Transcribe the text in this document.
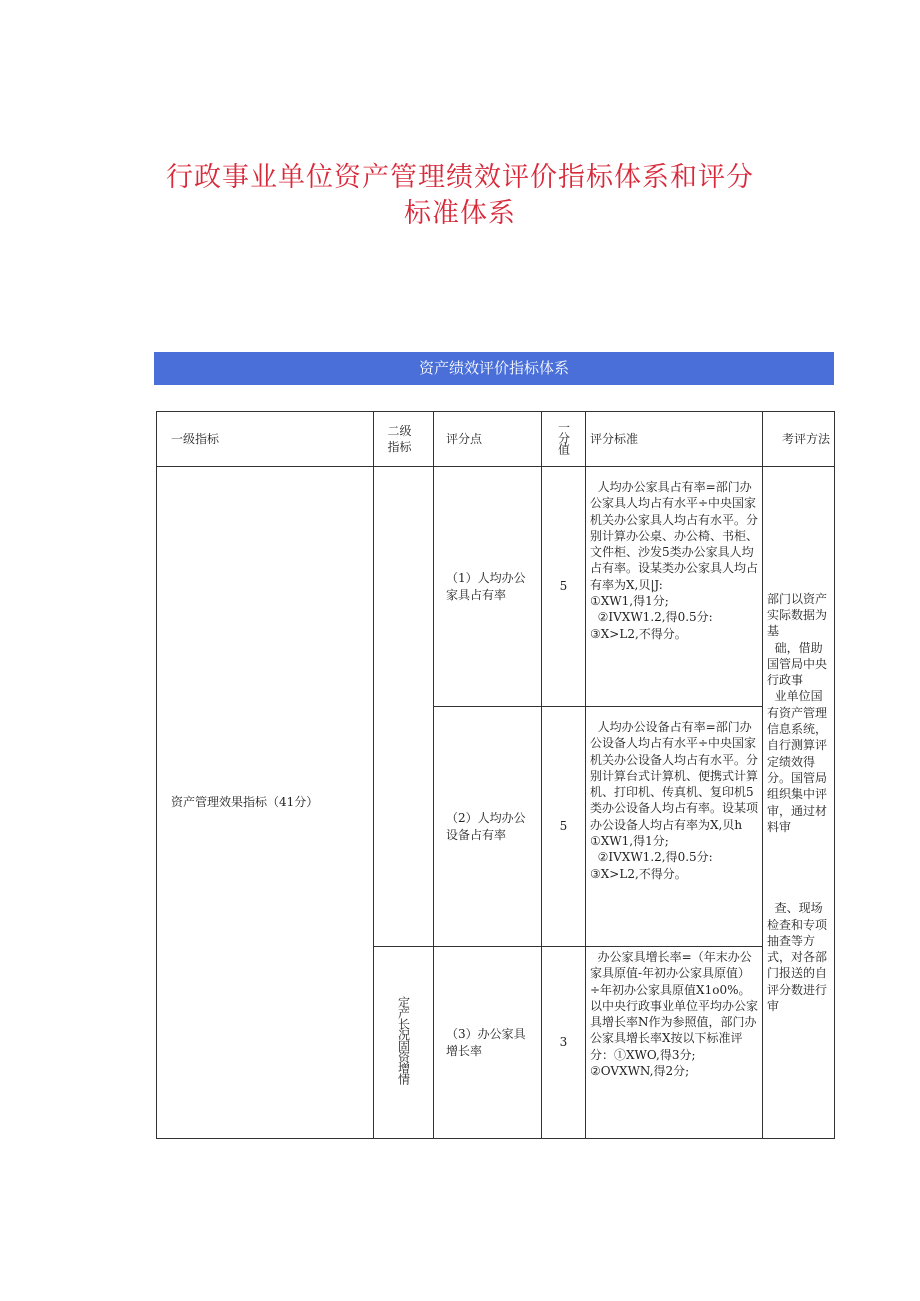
行政事业单位资产管理绩效评价指标体系和评分
标准体系
资产绩效评价指标体系
一级指标	二级指标	评分点	一分值	评分标准	考评方法
资产管理效果指标（41分）		（1）人均办公家具占有率	5	人均办公家具占有率=部门办公家具人均占有水平÷中央国家机关办公家具人均占有水平。分别计算办公桌、办公椅、书柜、文件柜、沙发5类办公家具人均占有率。设某类办公家具人均占有率为X,贝|J:
①XW1,得1分;
②IVXW1.2,得0.5分:
③X>L2,不得分。	部门以资产实际数据为基
础，借助国管局中央行政事
业单位国有资产管理信息系统，自行测算评定绩效得分。国管局组织集中评审，通过材料审

查、现场检查和专项抽查等方式，对各部门报送的自评分数进行审

		（2）人均办公设备占有率	5	人均办公设备占有率=部门办公设备人均占有水平÷中央国家机关办公设备人均占有水平。分别计算台式计算机、便携式计算机、打印机、传真机、复印机5类办公设备人均占有率。设某项办公设备人均占有率为X,贝h
①XW1,得1分;
②IVXW1.2,得0.5分:
③X>L2,不得分。	

	定产长况固资增情	（3）办公家具增长率	3	办公家具增长率=（年末办公家具原值-年初办公家具原值）÷年初办公家具原值X1o0%。以中央行政事业单位平均办公家具增长率N作为参照值，部门办公家具增长率X按以下标准评分：①XWO,得3分;
②OVXWN,得2分;	
